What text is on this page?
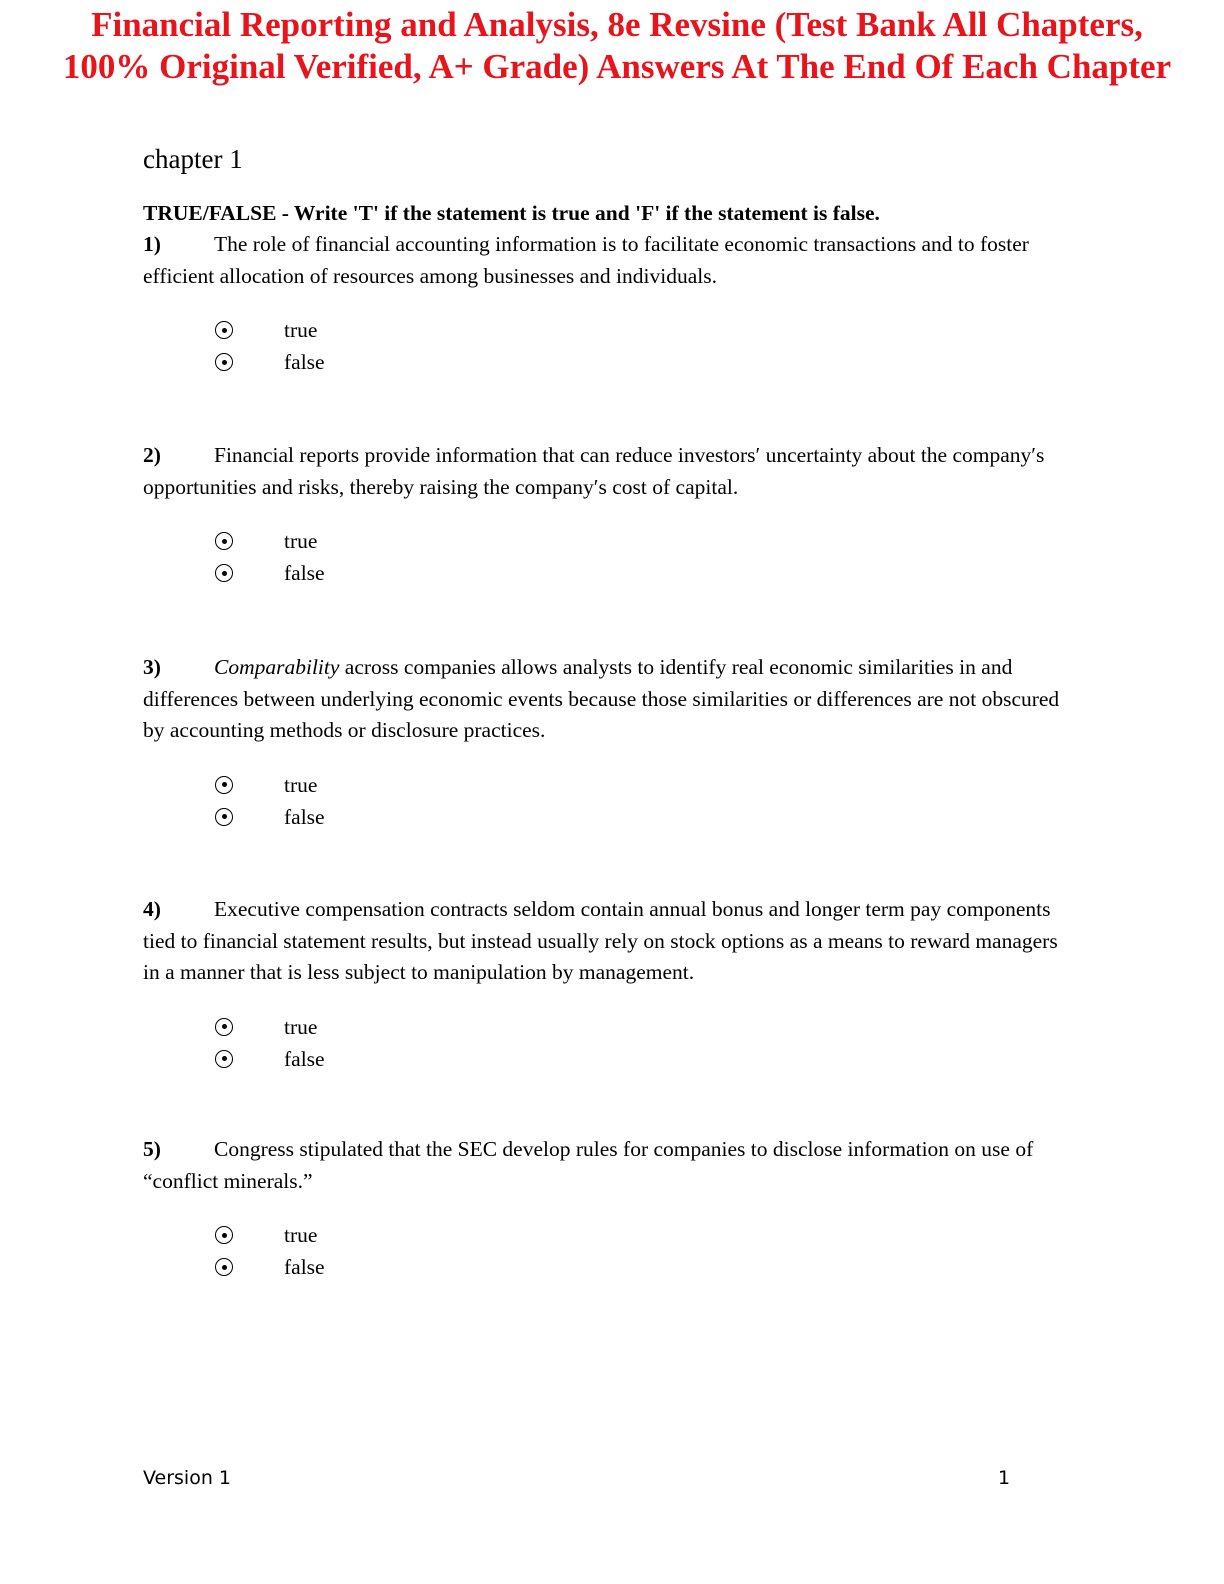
Financial Reporting and Analysis, 8e Revsine (Test Bank All Chapters, 100% Original Verified, A+ Grade) Answers At The End Of Each Chapter
chapter 1
TRUE/FALSE - Write 'T' if the statement is true and 'F' if the statement is false.

1) The role of financial accounting information is to facilitate economic transactions and to foster efficient allocation of resources among businesses and individuals.

true
false

2) Financial reports provide information that can reduce investors′ uncertainty about the company′s opportunities and risks, thereby raising the company′s cost of capital.

true
false

3) Comparability across companies allows analysts to identify real economic similarities in and differences between underlying economic events because those similarities or differences are not obscured by accounting methods or disclosure practices.

true
false

4) Executive compensation contracts seldom contain annual bonus and longer term pay components tied to financial statement results, but instead usually rely on stock options as a means to reward managers in a manner that is less subject to manipulation by management.

true
false

5) Congress stipulated that the SEC develop rules for companies to disclose information on use of “conflict minerals.”

true
false
Version 1	1
